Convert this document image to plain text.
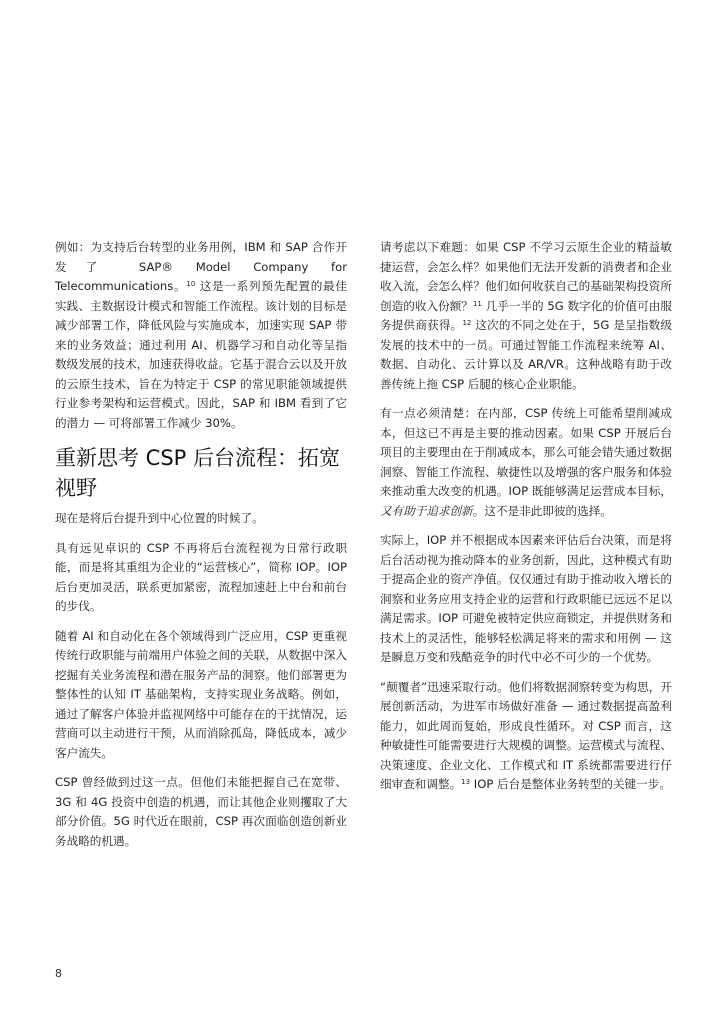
例如：为支持后台转型的业务用例，IBM 和 SAP 合作开发了 SAP® Model Company for Telecommunications。$^{10}$ 这是一系列预先配置的最佳实践、主数据设计模式和智能工作流程。该计划的目标是减少部署工作，降低风险与实施成本，加速实现 SAP 带来的业务效益；通过利用 AI、机器学习和自动化等呈指数级发展的技术，加速获得收益。它基于混合云以及开放的云原生技术，旨在为特定于 CSP 的常见职能领域提供行业参考架构和运营模式。因此，SAP 和 IBM 看到了它的潜力 — 可将部署工作减少 30%。

重新思考 CSP 后台流程：拓宽视野

现在是将后台提升到中心位置的时候了。

具有远见卓识的 CSP 不再将后台流程视为日常行政职能，而是将其重组为企业的“运营核心”，简称 IOP。IOP 后台更加灵活，联系更加紧密，流程加速赶上中台和前台的步伐。

随着 AI 和自动化在各个领域得到广泛应用，CSP 更重视传统行政职能与前端用户体验之间的关联，从数据中深入挖掘有关业务流程和潜在服务产品的洞察。他们部署更为整体性的认知 IT 基础架构，支持实现业务战略。例如，通过了解客户体验并监视网络中可能存在的干扰情况，运营商可以主动进行干预，从而消除孤岛，降低成本，减少客户流失。

CSP 曾经做到过这一点。但他们未能把握自己在宽带、3G 和 4G 投资中创造的机遇，而让其他企业则攫取了大部分价值。5G 时代近在眼前，CSP 再次面临创造创新业务战略的机遇。

请考虑以下难题：如果 CSP 不学习云原生企业的精益敏捷运营，会怎么样？如果他们无法开发新的消费者和企业收入流，会怎么样？他们如何收获自己的基础架构投资所创造的收入份额？$^{11}$ 几乎一半的 5G 数字化的价值可由服务提供商获得。$^{12}$ 这次的不同之处在于，5G 是呈指数级发展的技术中的一员。可通过智能工作流程来统筹 AI、数据、自动化、云计算以及 AR/VR。这种战略有助于改善传统上拖 CSP 后腿的核心企业职能。

有一点必须清楚：在内部，CSP 传统上可能希望削减成本，但这已不再是主要的推动因素。如果 CSP 开展后台项目的主要理由在于削减成本，那么可能会错失通过数据洞察、智能工作流程、敏捷性以及增强的客户服务和体验来推动重大改变的机遇。IOP 既能够满足运营成本目标，又有助于追求创新。这不是非此即彼的选择。

实际上，IOP 并不根据成本因素来评估后台决策，而是将后台活动视为推动降本的业务创新，因此，这种模式有助于提高企业的资产净值。仅仅通过有助于推动收入增长的洞察和业务应用支持企业的运营和行政职能已远远不足以满足需求。IOP 可避免被特定供应商锁定，并提供财务和技术上的灵活性，能够轻松满足将来的需求和用例 — 这是瞬息万变和残酷竞争的时代中必不可少的一个优势。

“颠覆者”迅速采取行动。他们将数据洞察转变为构思，开展创新活动，为进军市场做好准备 — 通过数据提高盈利能力，如此周而复始，形成良性循环。对 CSP 而言，这种敏捷性可能需要进行大规模的调整。运营模式与流程、决策速度、企业文化、工作模式和 IT 系统都需要进行仔细审查和调整。$^{13}$ IOP 后台是整体业务转型的关键一步。

8
